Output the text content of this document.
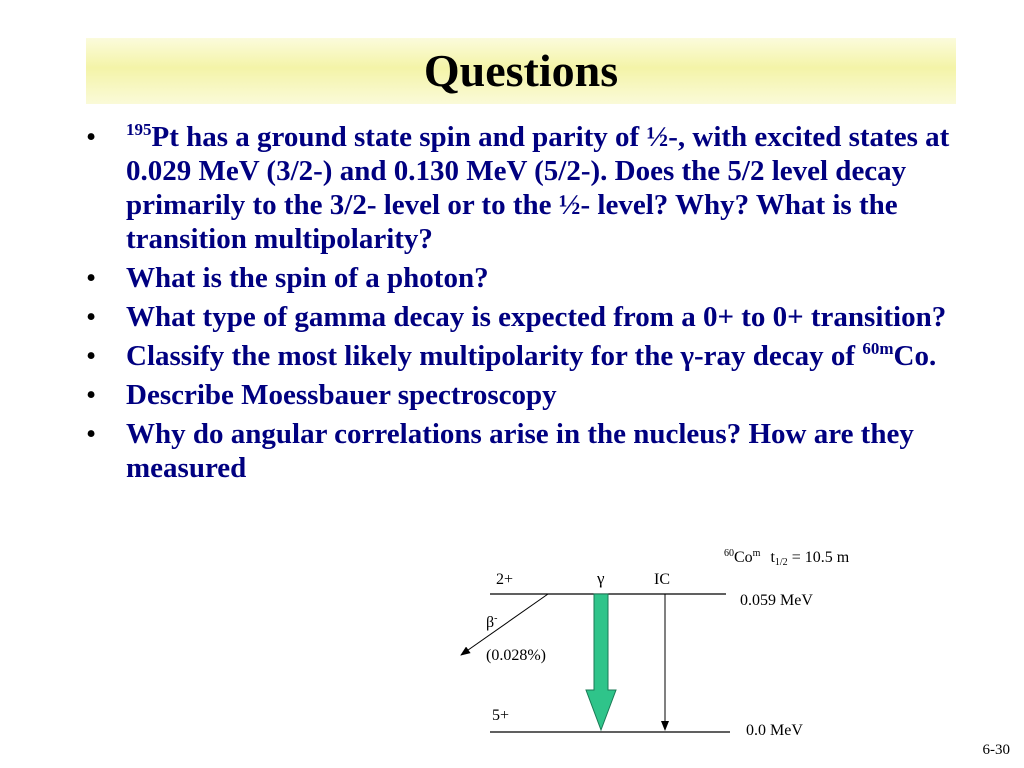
Questions
• $^{195}$Pt has a ground state spin and parity of ½-, with excited states at 0.029 MeV (3/2-) and 0.130 MeV (5/2-). Does the 5/2 level decay primarily to the 3/2- level or to the ½- level? Why? What is the transition multipolarity?
• What is the spin of a photon?
• What type of gamma decay is expected from a 0+ to 0+ transition?
• Classify the most likely multipolarity for the γ-ray decay of $^{60m}$Co.
• Describe Moessbauer spectroscopy
• Why do angular correlations arise in the nucleus? How are they measured
$^{60}$Co$^m$ t1/2 = 10.5 m
2+	γ	IC
0.059 MeV
β-
(0.028%)
5+
0.0 MeV
6-30
